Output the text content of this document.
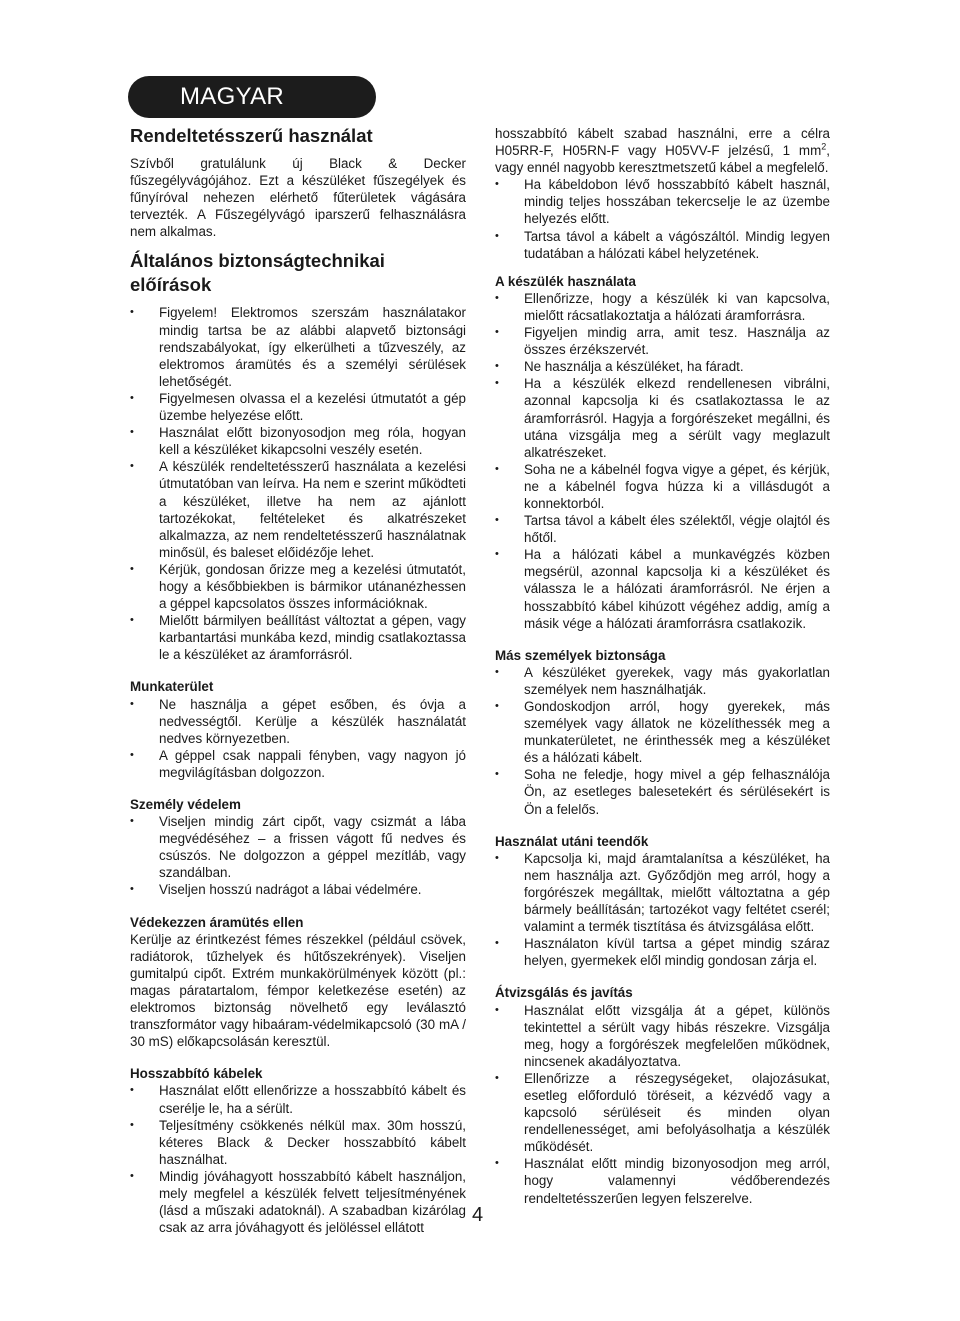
MAGYAR
Rendeltetésszerű használat

Szívből gratulálunk új Black & Decker fűszegélyvágójához. Ezt a készüléket fűszegélyek és fűnyíróval nehezen elérhető fűterületek vágására tervezték. A Fűszegélyvágó iparszerű felhasználásra nem alkalmas.

Általános biztonságtechnikai előírások
• Figyelem! Elektromos szerszám használatakor mindig tartsa be az alábbi alapvető biztonsági rendszabályokat, így elkerülheti a tűzveszély, az elektromos áramütés és a személyi sérülések lehetőségét.
• Figyelmesen olvassa el a kezelési útmutatót a gép üzembe helyezése előtt.
• Használat előtt bizonyosodjon meg róla, hogyan kell a készüléket kikapcsolni veszély esetén.
• A készülék rendeltetésszerű használata a kezelési útmutatóban van leírva. Ha nem e szerint működteti a készüléket, illetve ha nem az ajánlott tartozékokat, feltételeket és alkatrészeket alkalmazza, az nem rendeltetésszerű használatnak minősül, és baleset előidézője lehet.
• Kérjük, gondosan őrizze meg a kezelési útmutatót, hogy a későbbiekben is bármikor utánanézhessen a géppel kapcsolatos összes információknak.
• Mielőtt bármilyen beállítást változtat a gépen, vagy karbantartási munkába kezd, mindig csatlakoztassa le a készüléket az áramforrásról.
Munkaterület
• Ne használja a gépet esőben, és óvja a nedvességtől. Kerülje a készülék használatát nedves környezetben.
• A géppel csak nappali fényben, vagy nagyon jó megvilágításban dolgozzon.
Személy védelem
• Viseljen mindig zárt cipőt, vagy csizmát a lába megvédéséhez – a frissen vágott fű nedves és csúszós. Ne dolgozzon a géppel mezítláb, vagy szandálban.
• Viseljen hosszú nadrágot a lábai védelmére.
Védekezzen áramütés ellen

Kerülje az érintkezést fémes részekkel (például csövek, radiátorok, tűzhelyek és hűtőszekrények). Viseljen gumitalpú cipőt. Extrém munkakörülmények között (pl.: magas páratartalom, fémpor keletkezése esetén) az elektromos biztonság növelhető egy leválasztó transzformátor vagy hibaáram-védelmikapcsoló (30 mA / 30 mS) előkapcsolásán keresztül.

Hosszabbító kábelek
• Használat előtt ellenőrizze a hosszabbító kábelt és cserélje le, ha a sérült.
• Teljesítmény csökkenés nélkül max. 30m hosszú, kéteres Black & Decker hosszabbító kábelt használhat.
• Mindig jóváhagyott hosszabbító kábelt használjon, mely megfelel a készülék felvett teljesítményének (lásd a műszaki adatoknál). A szabadban kizárólag csak az arra jóváhagyott és jelöléssel ellátott

hosszabbító kábelt szabad használni, erre a célra H05RR-F, H05RN-F vagy H05VV-F jelzésű, 1 $mm^2$, vagy ennél nagyobb keresztmetszetű kábel a megfelelő.

• Ha kábeldobon lévő hosszabbító kábelt használ, mindig teljes hosszában tekercselje le az üzembe helyezés előtt.
• Tartsa távol a kábelt a vágószáltól. Mindig legyen tudatában a hálózati kábel helyzetének.
A készülék használata
• Ellenőrizze, hogy a készülék ki van kapcsolva, mielőtt rácsatlakoztatja a hálózati áramforrásra.
• Figyeljen mindig arra, amit tesz. Használja az összes érzékszervét.
• Ne használja a készüléket, ha fáradt.
• Ha a készülék elkezd rendellenesen vibrálni, azonnal kapcsolja ki és csatlakoztassa le az áramforrásról. Hagyja a forgórészeket megállni, és utána vizsgálja meg a sérült vagy meglazult alkatrészeket.
• Soha ne a kábelnél fogva vigye a gépet, és kérjük, ne a kábelnél fogva húzza ki a villásdugót a konnektorból.
• Tartsa távol a kábelt éles szélektől, végje olajtól és hőtől.
• Ha a hálózati kábel a munkavégzés közben megsérül, azonnal kapcsolja ki a készüléket és válassza le a hálózati áramforrásról. Ne érjen a hosszabbító kábel kihúzott végéhez addig, amíg a másik vége a hálózati áramforrásra csatlakozik.
Más személyek biztonsága
• A készüléket gyerekek, vagy más gyakorlatlan személyek nem használhatják.
• Gondoskodjon arról, hogy gyerekek, más személyek vagy állatok ne közelíthessék meg a munkaterületet, ne érinthessék meg a készüléket és a hálózati kábelt.
• Soha ne feledje, hogy mivel a gép felhasználója Ön, az esetleges balesetekért és sérülésekért is Ön a felelős.
Használat utáni teendők
• Kapcsolja ki, majd áramtalanítsa a készüléket, ha nem használja azt. Győződjön meg arról, hogy a forgórészek megálltak, mielőtt változtatna a gép bármely beállításán; tartozékot vagy feltétet cserél; valamint a termék tisztítása és átvizsgálása előtt.
• Használaton kívül tartsa a gépet mindig száraz helyen, gyermekek elől mindig gondosan zárja el.
Átvizsgálás és javítás
• Használat előtt vizsgálja át a gépet, különös tekintettel a sérült vagy hibás részekre. Vizsgálja meg, hogy a forgórészek megfelelően működnek, nincsenek akadályoztatva.
• Ellenőrizze a részegységeket, olajozásukat, esetleg előforduló töréseit, a kézvédő vagy a kapcsoló sérüléseit és minden olyan rendellenességet, ami befolyásolhatja a készülék működését.
• Használat előtt mindig bizonyosodjon meg arról, hogy valamennyi védőberendezés rendeltetésszerűen legyen felszerelve.
4
